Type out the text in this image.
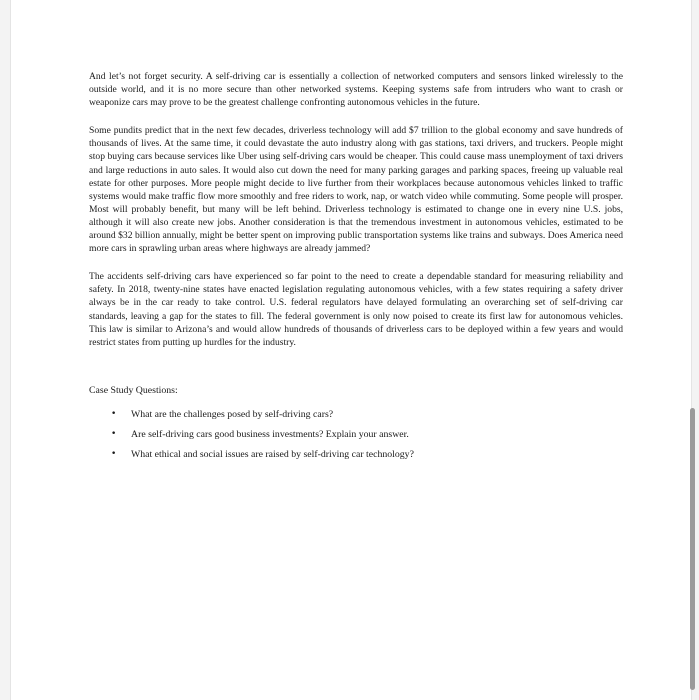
And let’s not forget security. A self-driving car is essentially a collection of networked computers and sensors linked wirelessly to the outside world, and it is no more secure than other networked systems. Keeping systems safe from intruders who want to crash or weaponize cars may prove to be the greatest challenge confronting autonomous vehicles in the future.

Some pundits predict that in the next few decades, driverless technology will add $7 trillion to the global economy and save hundreds of thousands of lives. At the same time, it could devastate the auto industry along with gas stations, taxi drivers, and truckers. People might stop buying cars because services like Uber using self-driving cars would be cheaper. This could cause mass unemployment of taxi drivers and large reductions in auto sales. It would also cut down the need for many parking garages and parking spaces, freeing up valuable real estate for other purposes. More people might decide to live further from their workplaces because autonomous vehicles linked to traffic systems would make traffic flow more smoothly and free riders to work, nap, or watch video while commuting. Some people will prosper. Most will probably benefit, but many will be left behind. Driverless technology is estimated to change one in every nine U.S. jobs, although it will also create new jobs. Another consideration is that the tremendous investment in autonomous vehicles, estimated to be around $32 billion annually, might be better spent on improving public transportation systems like trains and subways. Does America need more cars in sprawling urban areas where highways are already jammed?

The accidents self-driving cars have experienced so far point to the need to create a dependable standard for measuring reliability and safety. In 2018, twenty-nine states have enacted legislation regulating autonomous vehicles, with a few states requiring a safety driver always be in the car ready to take control. U.S. federal regulators have delayed formulating an overarching set of self-driving car standards, leaving a gap for the states to fill. The federal government is only now poised to create its first law for autonomous vehicles. This law is similar to Arizona’s and would allow hundreds of thousands of driverless cars to be deployed within a few years and would restrict states from putting up hurdles for the industry.

Case Study Questions:
• What are the challenges posed by self-driving cars?
• Are self-driving cars good business investments? Explain your answer.
• What ethical and social issues are raised by self-driving car technology?
